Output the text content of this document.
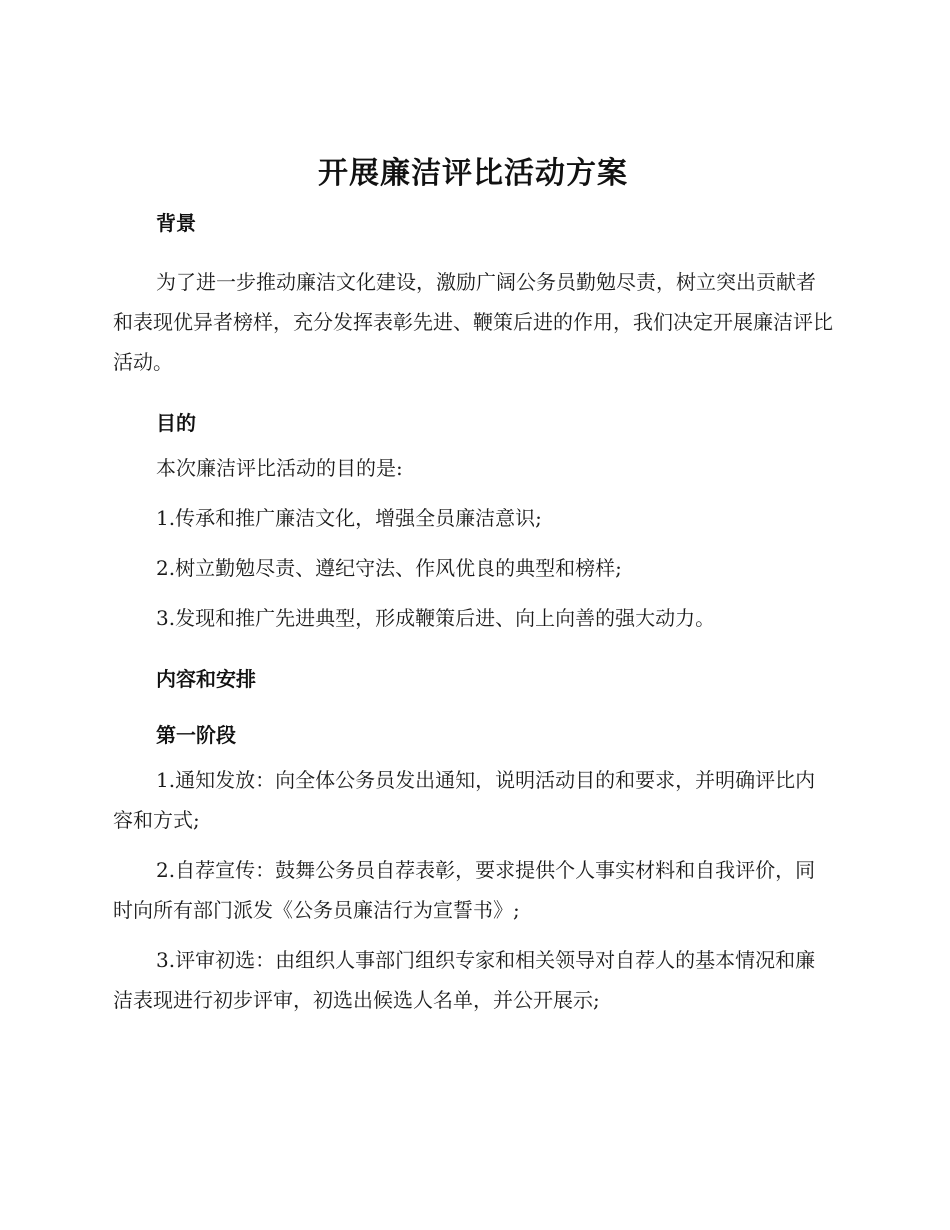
开展廉洁评比活动方案
背景

为了进一步推动廉洁文化建设，激励广阔公务员勤勉尽责，树立突出贡献者和表现优异者榜样，充分发挥表彰先进、鞭策后进的作用，我们决定开展廉洁评比活动。

目的

本次廉洁评比活动的目的是:

1.传承和推广廉洁文化，增强全员廉洁意识;

2.树立勤勉尽责、遵纪守法、作风优良的典型和榜样;

3.发现和推广先进典型，形成鞭策后进、向上向善的强大动力。

内容和安排
第一阶段

1.通知发放：向全体公务员发出通知，说明活动目的和要求，并明确评比内容和方式;

2.自荐宣传：鼓舞公务员自荐表彰，要求提供个人事实材料和自我评价，同时向所有部门派发《公务员廉洁行为宣誓书》;

3.评审初选：由组织人事部门组织专家和相关领导对自荐人的基本情况和廉洁表现进行初步评审，初选出候选人名单，并公开展示;
